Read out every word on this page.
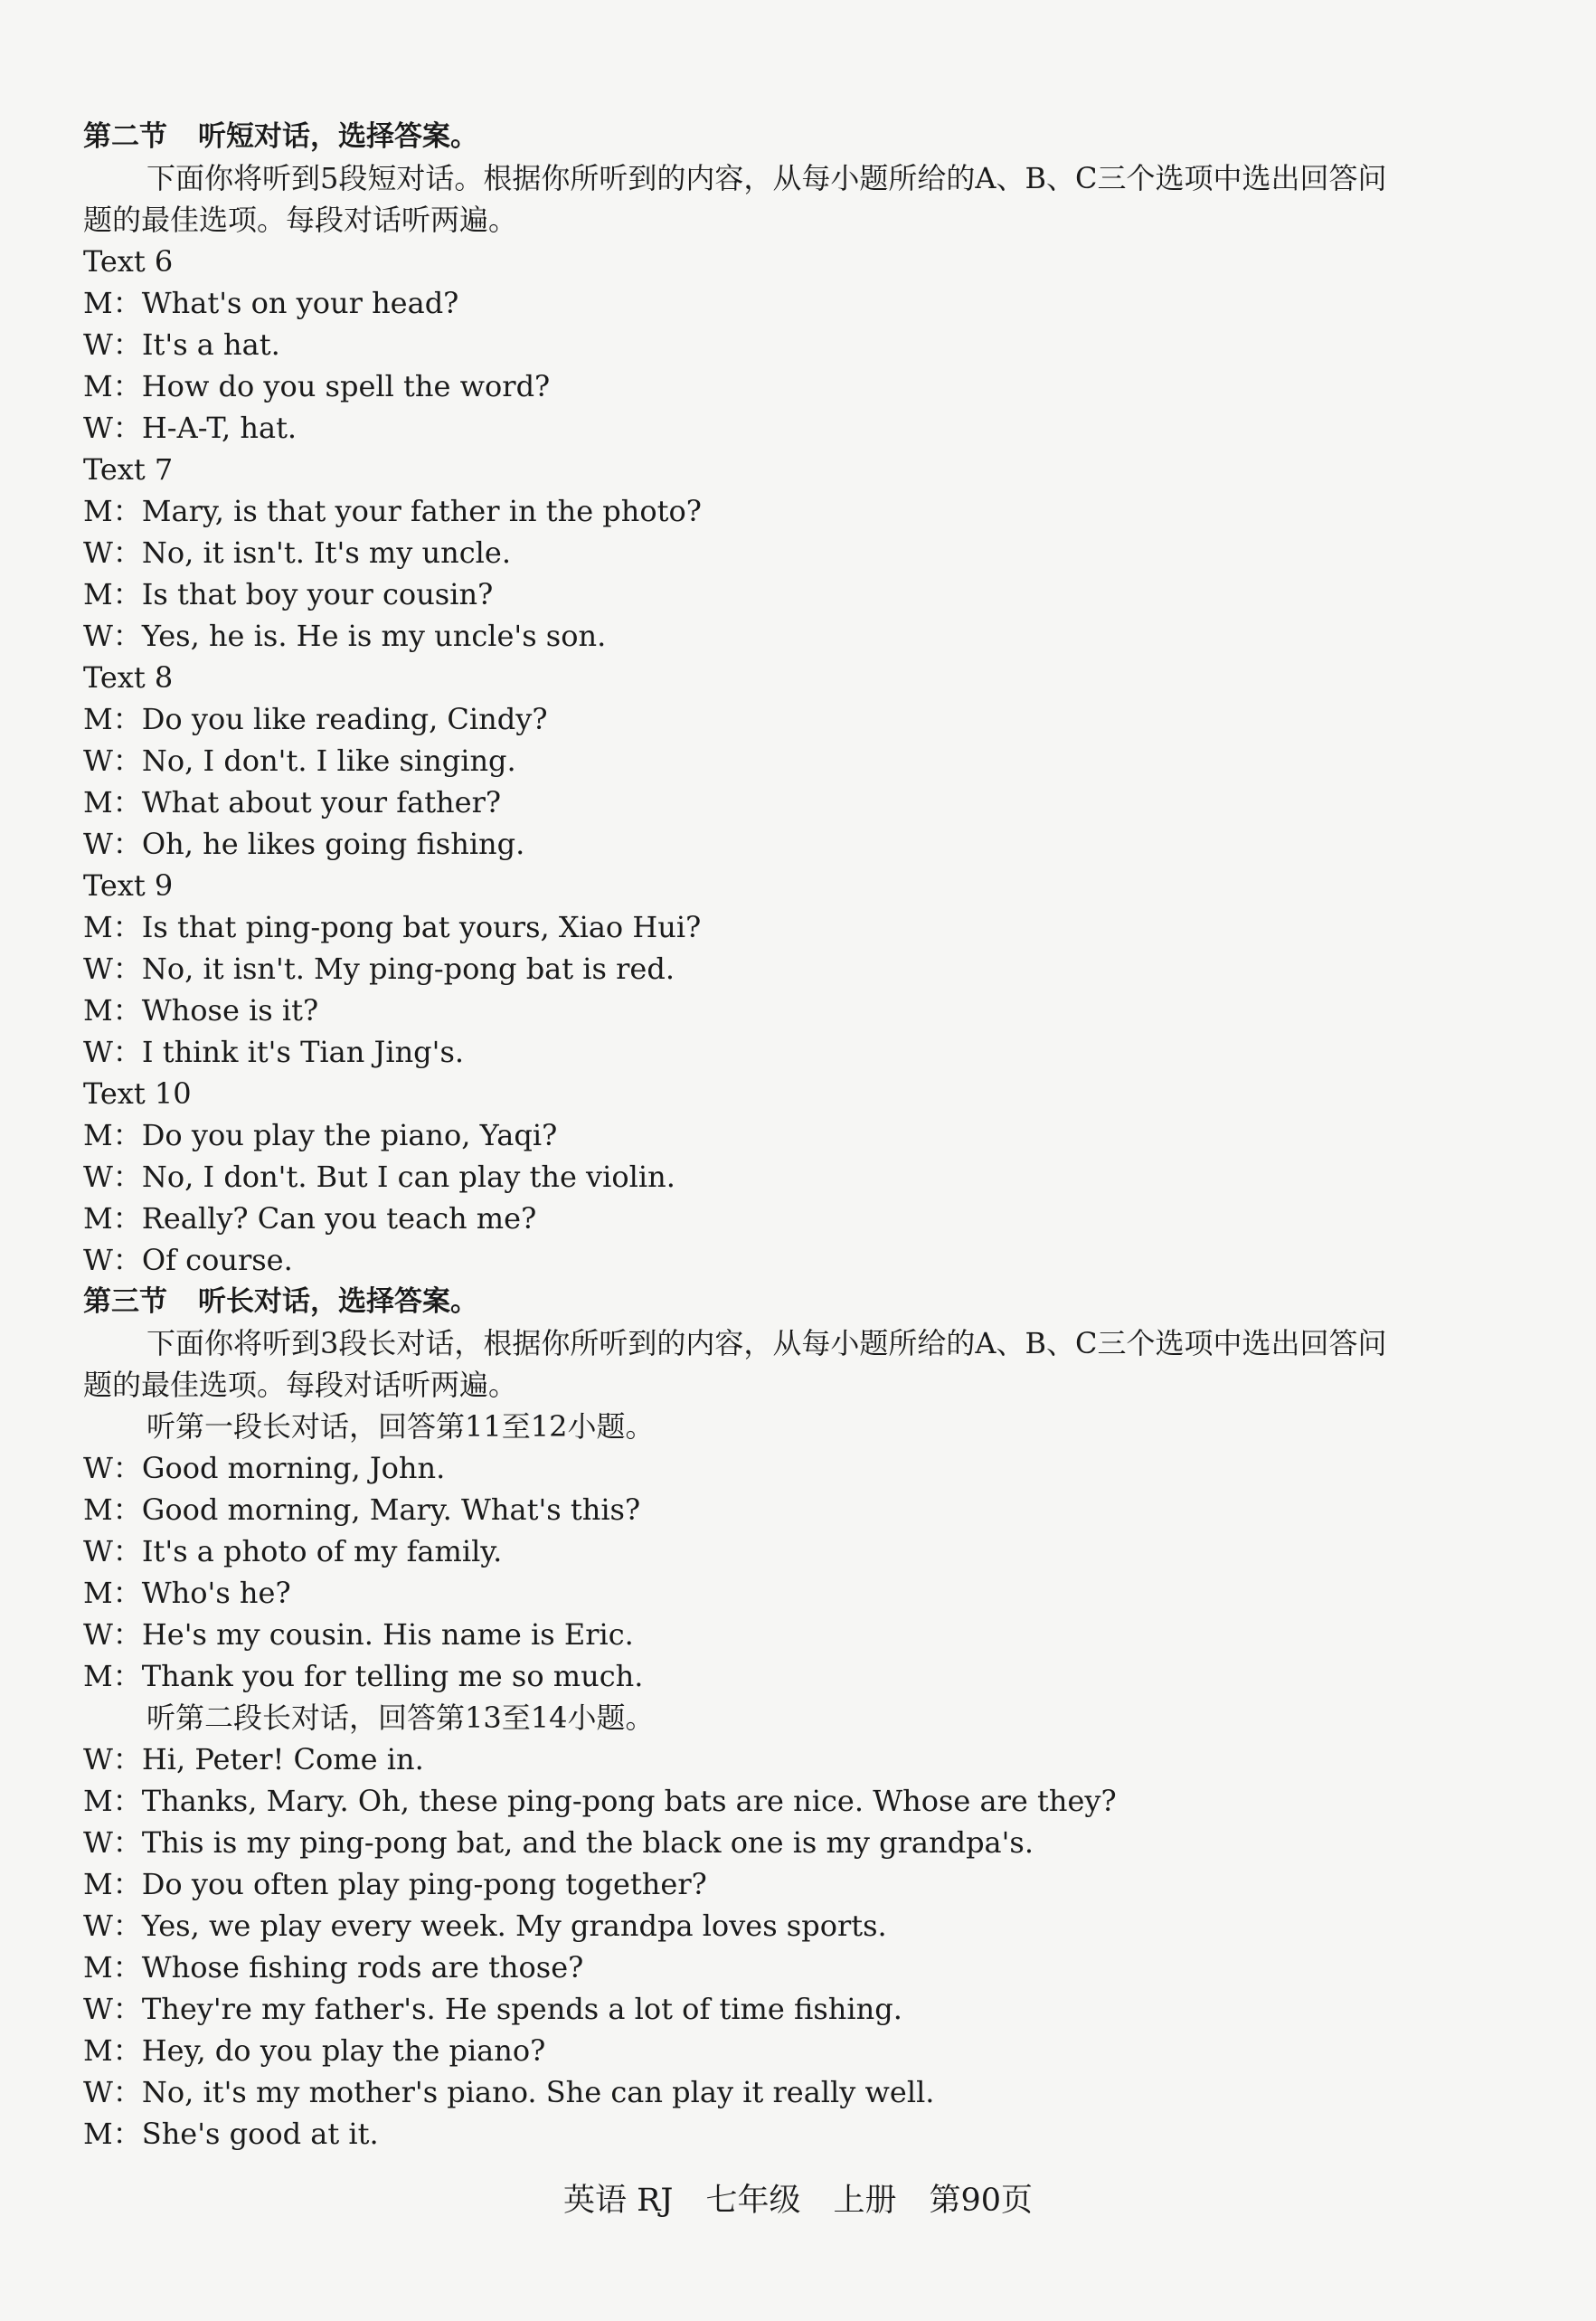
第二节 听短对话，选择答案。
下面你将听到5段短对话。根据你所听到的内容，从每小题所给的A、B、C三个选项中选出回答问
题的最佳选项。每段对话听两遍。
Text 6
M：What's on your head?
W：It's a hat.
M：How do you spell the word?
W：H-A-T, hat.
Text 7
M：Mary, is that your father in the photo?
W：No, it isn't. It's my uncle.
M：Is that boy your cousin?
W：Yes, he is. He is my uncle's son.
Text 8
M：Do you like reading, Cindy?
W：No, I don't. I like singing.
M：What about your father?
W：Oh, he likes going fishing.
Text 9
M：Is that ping-pong bat yours, Xiao Hui?
W：No, it isn't. My ping-pong bat is red.
M：Whose is it?
W：I think it's Tian Jing's.
Text 10
M：Do you play the piano, Yaqi?
W：No, I don't. But I can play the violin.
M：Really? Can you teach me?
W：Of course.
第三节 听长对话，选择答案。
下面你将听到3段长对话，根据你所听到的内容，从每小题所给的A、B、C三个选项中选出回答问
题的最佳选项。每段对话听两遍。
听第一段长对话，回答第11至12小题。
W：Good morning, John.
M：Good morning, Mary. What's this?
W：It's a photo of my family.
M：Who's he?
W：He's my cousin. His name is Eric.
M：Thank you for telling me so much.
听第二段长对话，回答第13至14小题。
W：Hi, Peter! Come in.
M：Thanks, Mary. Oh, these ping-pong bats are nice. Whose are they?
W：This is my ping-pong bat, and the black one is my grandpa's.
M：Do you often play ping-pong together?
W：Yes, we play every week. My grandpa loves sports.
M：Whose fishing rods are those?
W：They're my father's. He spends a lot of time fishing.
M：Hey, do you play the piano?
W：No, it's my mother's piano. She can play it really well.
M：She's good at it.
英语 RJ 七年级 上册 第90页
